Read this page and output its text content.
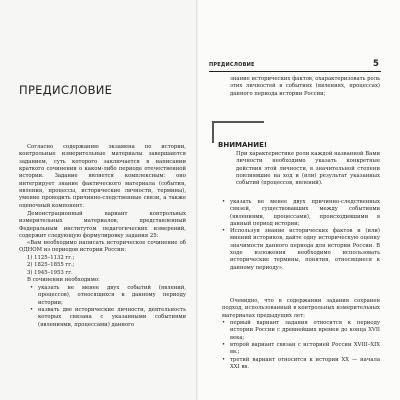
ПРЕДИСЛОВИЕ

Согласно содержанию экзамена по истории, контрольные измерительные материалы завершаются заданием, суть которого заключается в написании краткого сочинения о каком-либо периоде отечественной истории. Задание является комплексным: оно интегрирует знание фактического материала (события, явления, процессы, исторические личности, термины), умение проводить причинно-следственные связи, а также оценочный компонент.

Демонстрационный вариант контрольных измерительных материалов, представленный Федеральным институтом педагогических измерений, содержит следующую формулировку задания 25:

«Вам необходимо написать историческое сочинение об ОДНОМ из периодов истории России:

1) 1125–1132 гг.;

2) 1825–1855 гг.;

3) 1945–1953 гг.

В сочинении необходимо:

• указать не менее двух событий (явлений, процессов), относящихся к данному периоду истории;

• назвать две исторические личности, деятельность которых связана с указанными событиями (явлениями, процессами) данного

ПРЕДИСЛОВИЕ	5

знание исторических фактов, охарактеризовать роль этих личностей в событиях (явлениях, процессах) данного периода истории России;

ВНИМАНИЕ!

При характеристике роли каждой названной Вами личности необходимо указать конкретные действия этой личности, в значительной степени повлиявшие на ход и (или) результат указанных событий (процессов, явлений).

• указать не менее двух причинно-следственных связей, существовавших между событиями (явлениями, процессами), происходившими в данный период истории;

• Используя знание исторических фактов и (или) мнений историков, дайте одну историческую оценку значимости данного периода для истории России. В ходе изложения необходимо использовать исторические термины, понятия, относящиеся к данному периоду».

Очевидно, что в содержании задания сохранен подход, использованный в контрольных измерительных материалах предыдущих лет:

• первый вариант задания относится к периоду истории России с древнейших времен до конца XVII века;

• второй вариант связан с историей России XVIII–XIX вв.;

• третий вариант относится к истории XX — начала XXI вв.
